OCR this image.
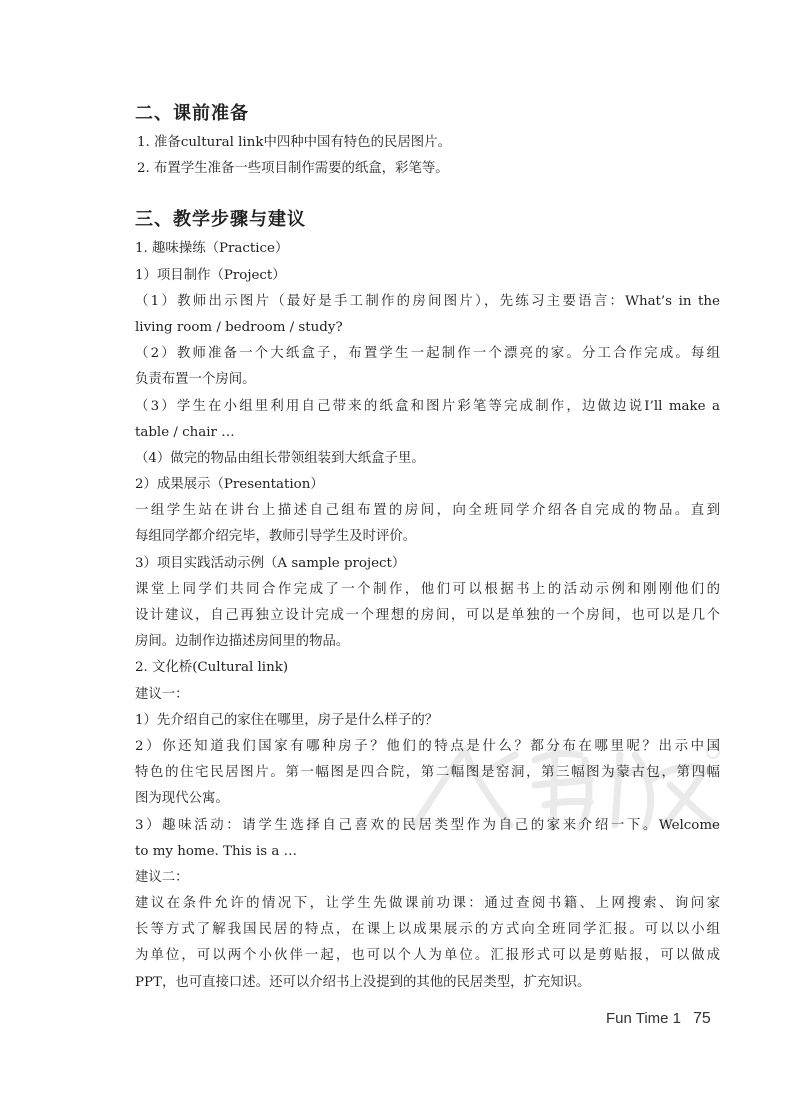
二、课前准备
1. 准备cultural link中四种中国有特色的民居图片。
2. 布置学生准备一些项目制作需要的纸盒，彩笔等。
三、教学步骤与建议
1. 趣味操练（Practice）
1）项目制作（Project）
（1）教师出示图片（最好是手工制作的房间图片），先练习主要语言：What’s in the
living room / bedroom / study?
（2）教师准备一个大纸盒子，布置学生一起制作一个漂亮的家。分工合作完成。每组
负责布置一个房间。
（3）学生在小组里利用自己带来的纸盒和图片彩笔等完成制作，边做边说I’ll make a
table / chair …
（4）做完的物品由组长带领组装到大纸盒子里。
2）成果展示（Presentation）
一组学生站在讲台上描述自己组布置的房间，向全班同学介绍各自完成的物品。直到
每组同学都介绍完毕，教师引导学生及时评价。
3）项目实践活动示例（A sample project）
课堂上同学们共同合作完成了一个制作，他们可以根据书上的活动示例和刚刚他们的
设计建议，自己再独立设计完成一个理想的房间，可以是单独的一个房间，也可以是几个
房间。边制作边描述房间里的物品。
2. 文化桥(Cultural link)
建议一：
1）先介绍自己的家住在哪里，房子是什么样子的？
2）你还知道我们国家有哪种房子？他们的特点是什么？都分布在哪里呢？出示中国
特色的住宅民居图片。第一幅图是四合院，第二幅图是窑洞，第三幅图为蒙古包，第四幅
图为现代公寓。
3）趣味活动：请学生选择自己喜欢的民居类型作为自己的家来介绍一下。Welcome
to my home. This is a …
建议二：
建议在条件允许的情况下，让学生先做课前功课：通过查阅书籍、上网搜索、询问家
长等方式了解我国民居的特点，在课上以成果展示的方式向全班同学汇报。可以以小组
为单位，可以两个小伙伴一起，也可以个人为单位。汇报形式可以是剪贴报，可以做成
PPT，也可直接口述。还可以介绍书上没提到的其他的民居类型，扩充知识。
Fun Time 1 75
